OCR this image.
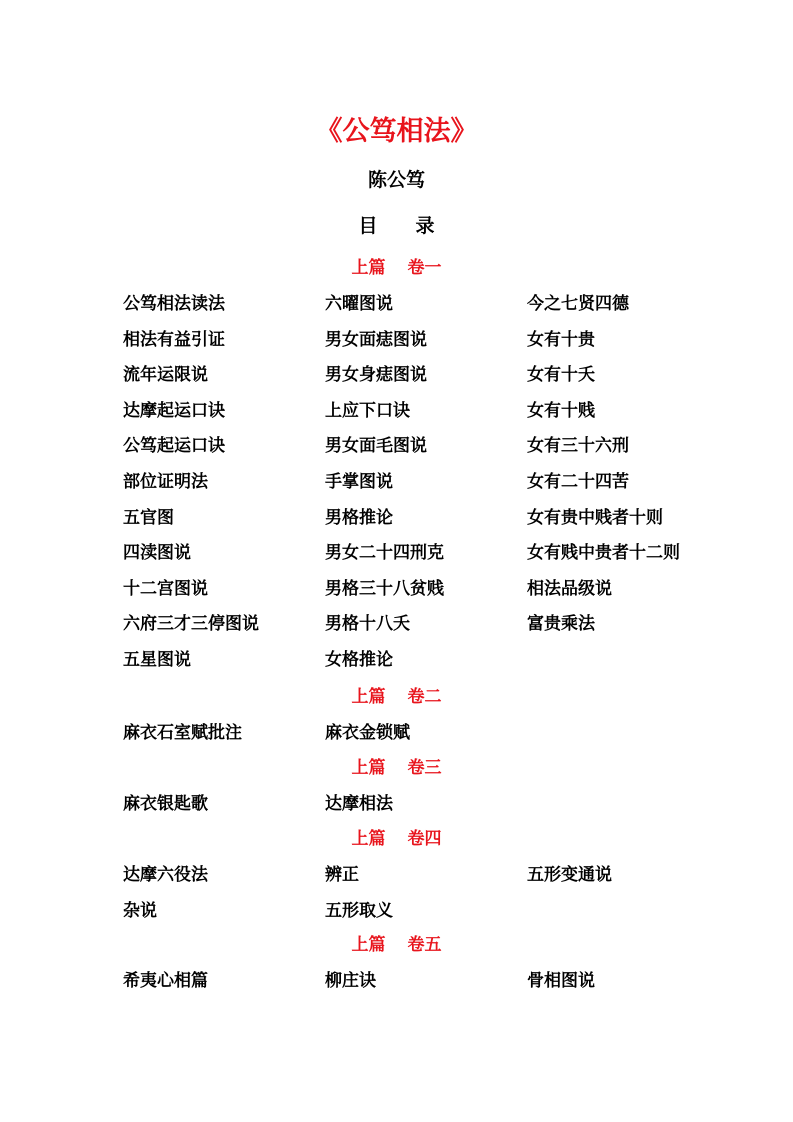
《公笃相法》
陈公笃
目 录
上篇 卷一
公笃相法读法	六曜图说	今之七贤四德
相法有益引证	男女面痣图说	女有十贵
流年运限说	男女身痣图说	女有十夭
达摩起运口诀	上应下口诀	女有十贱
公笃起运口诀	男女面毛图说	女有三十六刑
部位证明法	手掌图说	女有二十四苦
五官图	男格推论	女有贵中贱者十则
四渎图说	男女二十四刑克	女有贱中贵者十二则
十二宫图说	男格三十八贫贱	相法品级说
六府三才三停图说	男格十八夭	富贵乘法
五星图说	女格推论
上篇 卷二
麻衣石室赋批注	麻衣金锁赋
上篇 卷三
麻衣银匙歌	达摩相法
上篇 卷四
达摩六役法	辨正	五形变通说
杂说	五形取义
上篇 卷五
希夷心相篇	柳庄诀	骨相图说
